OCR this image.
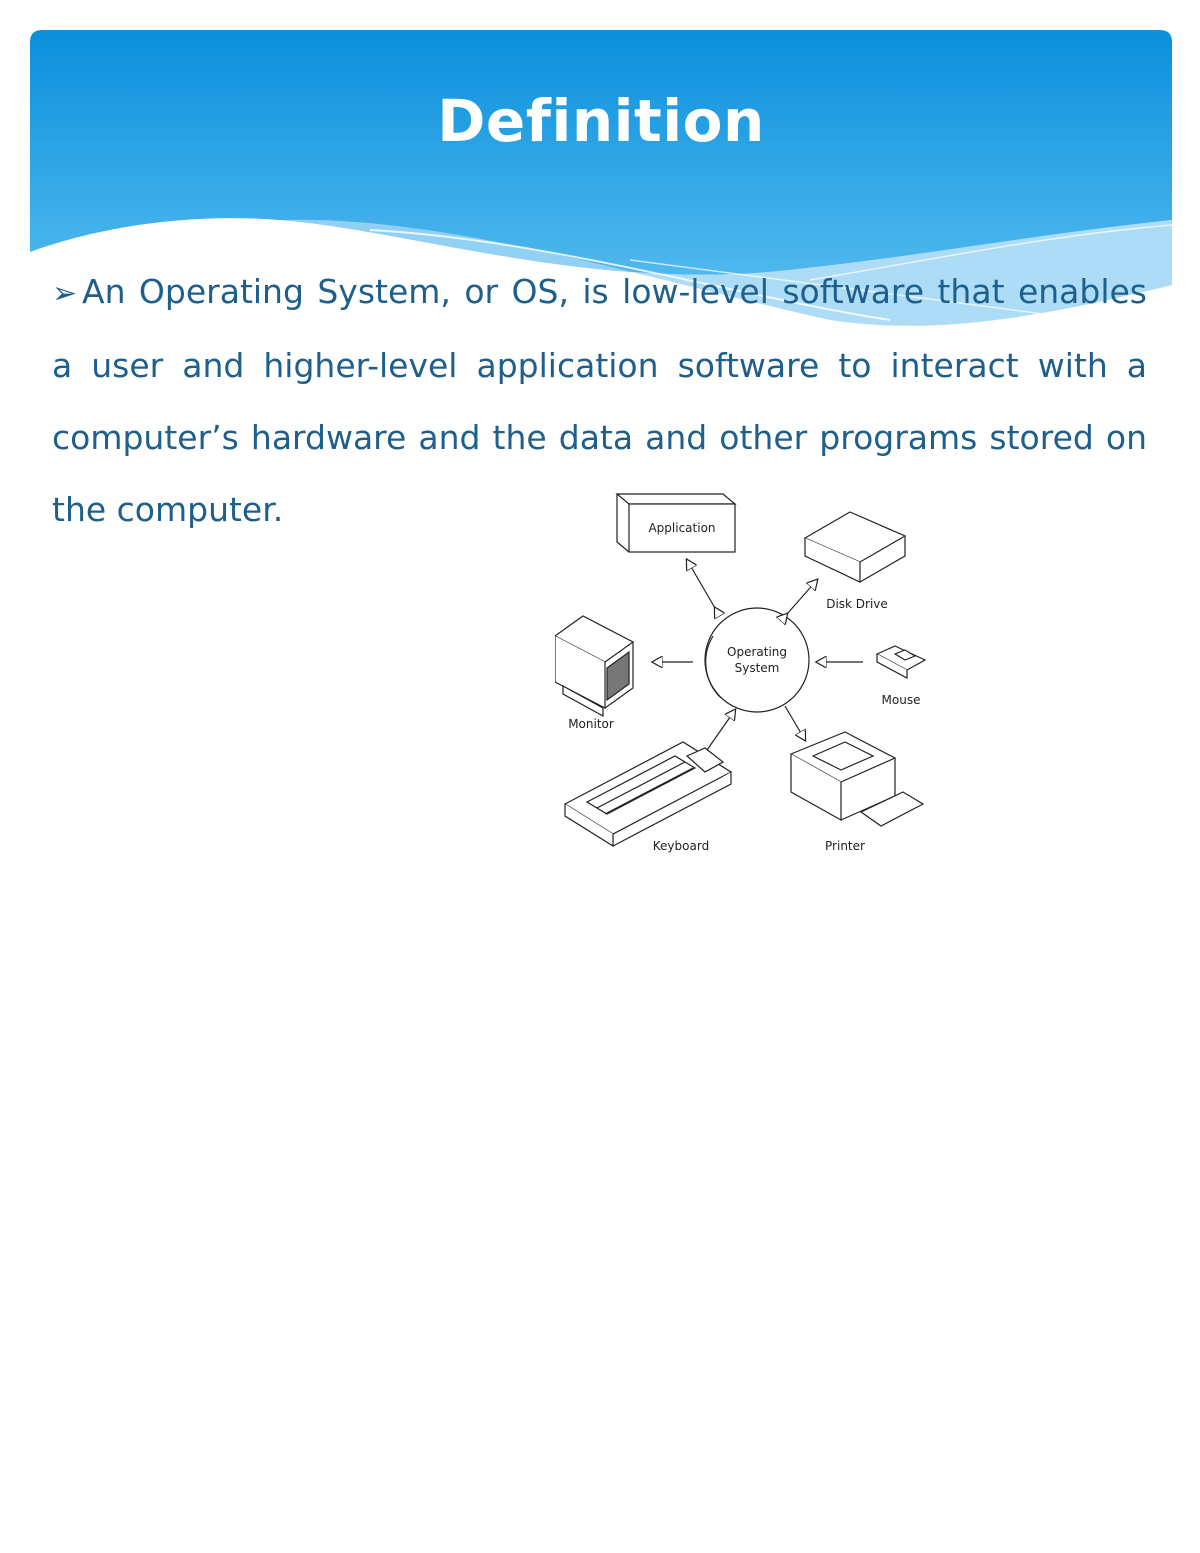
Definition
➢ An Operating System, or OS, is low-level software that enables a user and higher-level application software to interact with a computer’s hardware and the data and other programs stored on the computer.
Operating
System
Application
Disk Drive
Monitor
Mouse
Keyboard	Printer
